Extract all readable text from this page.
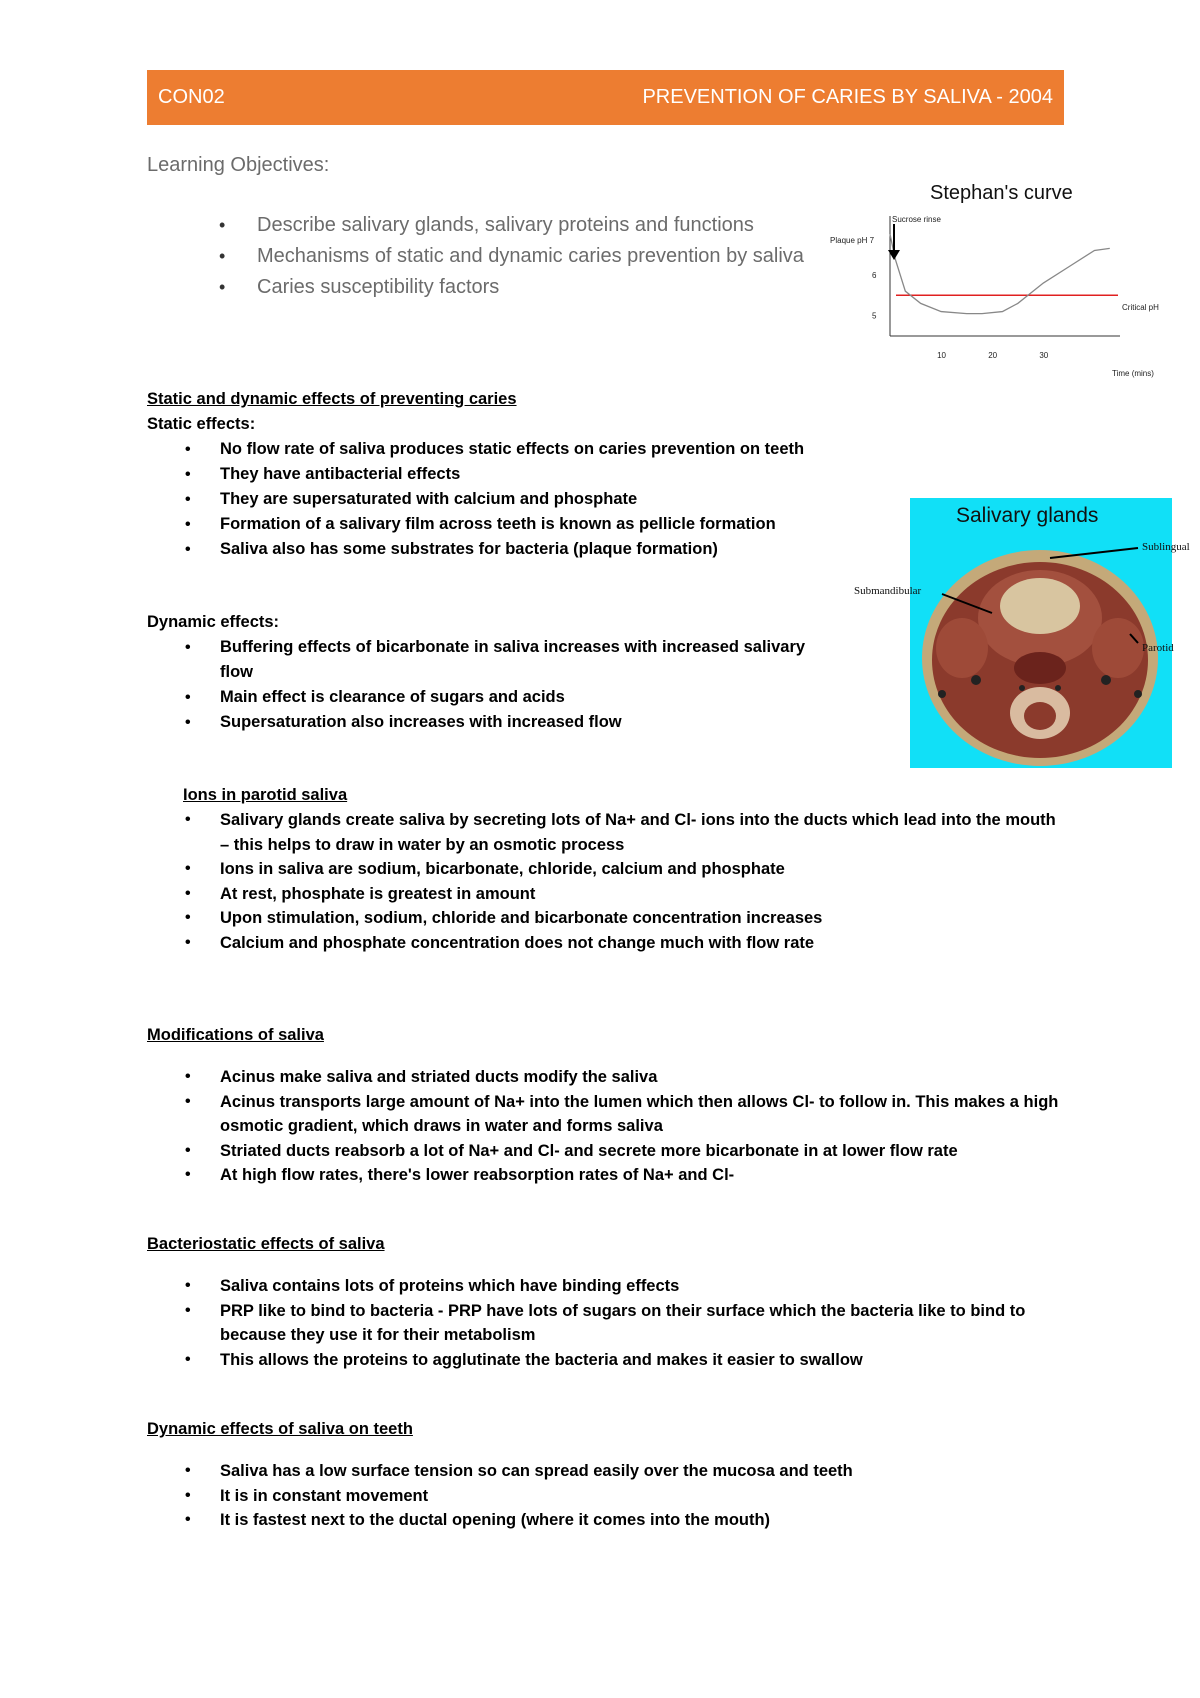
CON02	PREVENTION OF CARIES BY SALIVA - 2004
Learning Objectives:
• Describe salivary glands, salivary proteins and functions
• Mechanisms of static and dynamic caries prevention by saliva
• Caries susceptibility factors
Stephan's curve
Sucrose rinse
Plaque pH 7
Critical pH
Time (mins)
6
5
10	20	30
Salivary glands
Sublingual
Submandibular
Parotid
Static and dynamic effects of preventing caries
Static effects:
• No flow rate of saliva produces static effects on caries prevention on teeth
• They have antibacterial effects
• They are supersaturated with calcium and phosphate
• Formation of a salivary film across teeth is known as pellicle formation
• Saliva also has some substrates for bacteria (plaque formation)
Dynamic effects:
• Buffering effects of bicarbonate in saliva increases with increased salivary flow
• Main effect is clearance of sugars and acids
• Supersaturation also increases with increased flow
Ions in parotid saliva
• Salivary glands create saliva by secreting lots of Na+ and Cl- ions into the ducts which lead into the mouth – this helps to draw in water by an osmotic process
• Ions in saliva are sodium, bicarbonate, chloride, calcium and phosphate
• At rest, phosphate is greatest in amount
• Upon stimulation, sodium, chloride and bicarbonate concentration increases
• Calcium and phosphate concentration does not change much with flow rate
Modifications of saliva
• Acinus make saliva and striated ducts modify the saliva
• Acinus transports large amount of Na+ into the lumen which then allows Cl- to follow in. This makes a high osmotic gradient, which draws in water and forms saliva
• Striated ducts reabsorb a lot of Na+ and Cl- and secrete more bicarbonate in at lower flow rate
• At high flow rates, there's lower reabsorption rates of Na+ and Cl-
Bacteriostatic effects of saliva
• Saliva contains lots of proteins which have binding effects
• PRP like to bind to bacteria - PRP have lots of sugars on their surface which the bacteria like to bind to because they use it for their metabolism
• This allows the proteins to agglutinate the bacteria and makes it easier to swallow
Dynamic effects of saliva on teeth
• Saliva has a low surface tension so can spread easily over the mucosa and teeth
• It is in constant movement
• It is fastest next to the ductal opening (where it comes into the mouth)
